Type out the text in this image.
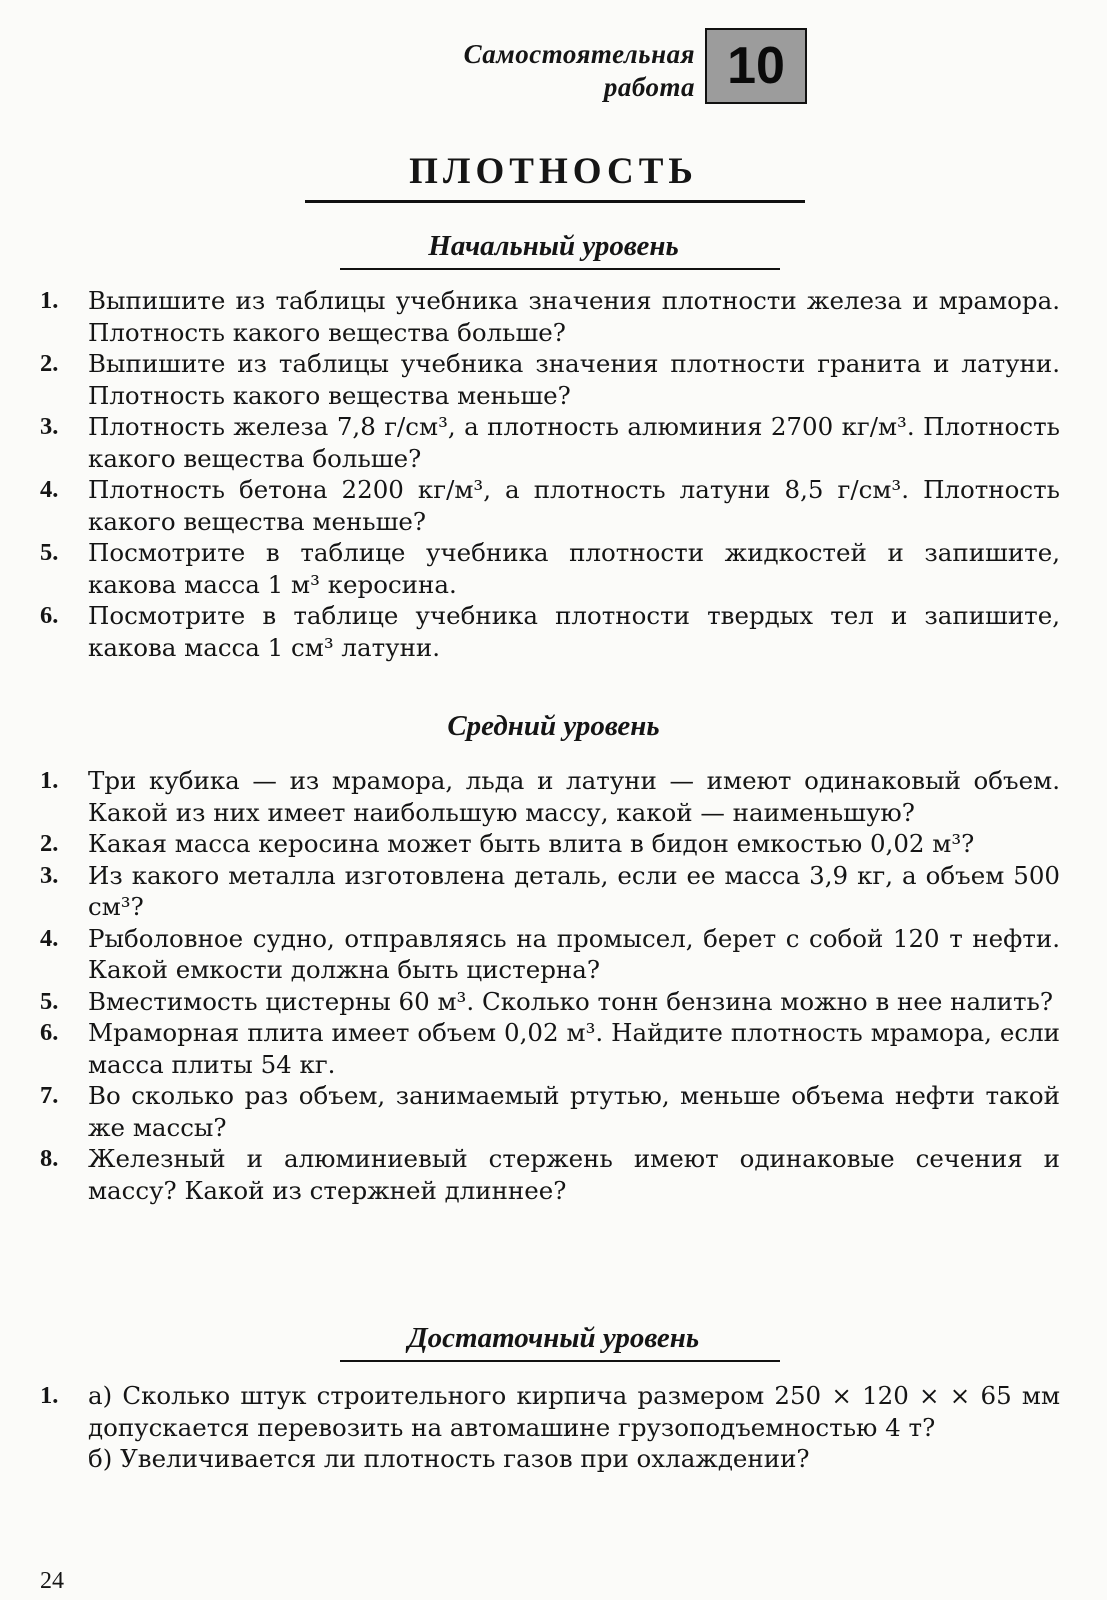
Самостоятельная
работа 10
ПЛОТНОСТЬ
Начальный уровень
1. Выпишите из таблицы учебника значения плотности железа и мрамора. Плотность какого вещества больше?
2. Выпишите из таблицы учебника значения плотности гранита и латуни. Плотность какого вещества меньше?
3. Плотность железа 7,8 г/см³, а плотность алюминия 2700 кг/м³. Плотность какого вещества больше?
4. Плотность бетона 2200 кг/м³, а плотность латуни 8,5 г/см³. Плотность какого вещества меньше?
5. Посмотрите в таблице учебника плотности жидкостей и запишите, какова масса 1 м³ керосина.
6. Посмотрите в таблице учебника плотности твердых тел и запишите, какова масса 1 см³ латуни.
Средний уровень
1. Три кубика — из мрамора, льда и латуни — имеют одинаковый объем. Какой из них имеет наибольшую массу, какой — наименьшую?
2. Какая масса керосина может быть влита в бидон емкостью 0,02 м³?
3. Из какого металла изготовлена деталь, если ее масса 3,9 кг, а объем 500 см³?
4. Рыболовное судно, отправляясь на промысел, берет с собой 120 т нефти. Какой емкости должна быть цистерна?
5. Вместимость цистерны 60 м³. Сколько тонн бензина можно в нее налить?
6. Мраморная плита имеет объем 0,02 м³. Найдите плотность мрамора, если масса плиты 54 кг.
7. Во сколько раз объем, занимаемый ртутью, меньше объема нефти такой же массы?
8. Железный и алюминиевый стержень имеют одинаковые сечения и массу? Какой из стержней длиннее?
Достаточный уровень
1. а) Сколько штук строительного кирпича размером 250 × 120 × × 65 мм допускается перевозить на автомашине грузоподъемностью 4 т?
б) Увеличивается ли плотность газов при охлаждении?
24
